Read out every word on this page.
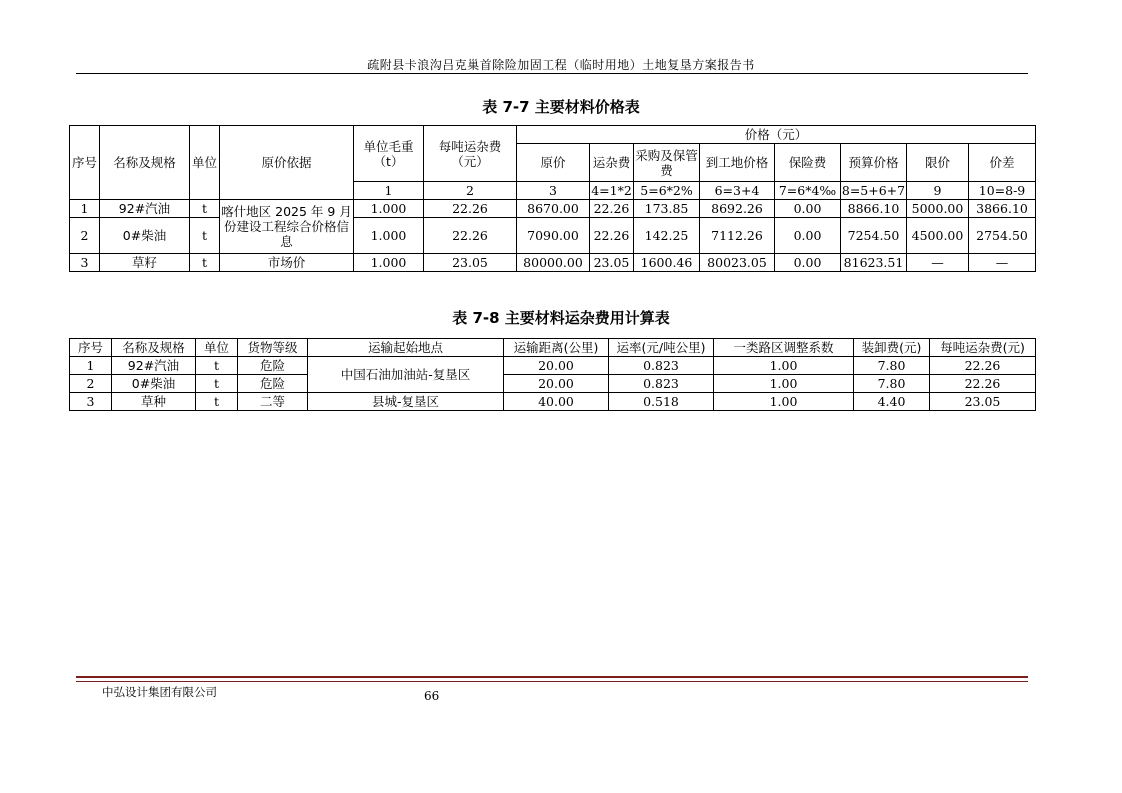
疏附县卡浪沟吕克巢首除险加固工程（临时用地）土地复垦方案报告书
表 7-7 主要材料价格表
序号	名称及规格	单位	原价依据	单位毛重（t）	每吨运杂费（元）	价格（元）							
						原价	运杂费	采购及保管费	到工地价格	保险费	预算价格	限价	价差
				1	2	3	4=1*2	5=6*2%	6=3+4	7=6*4‰	8=5+6+7	9	10=8-9
1	92#汽油	t	喀什地区 2025 年 9 月份建设工程综合价格信息	1.000	22.26	8670.00	22.26	173.85	8692.26	0.00	8866.10	5000.00	3866.10
2	0#柴油	t		1.000	22.26	7090.00	22.26	142.25	7112.26	0.00	7254.50	4500.00	2754.50
3	草籽	t	市场价	1.000	23.05	80000.00	23.05	1600.46	80023.05	0.00	81623.51	—	—
表 7-8 主要材料运杂费用计算表
序号	名称及规格	单位	货物等级	运输起始地点	运输距离(公里)	运率(元/吨公里)	一类路区调整系数	装卸费(元)	每吨运杂费(元)
1	92#汽油	t	危险	中国石油加油站-复垦区	20.00	0.823	1.00	7.80	22.26
2	0#柴油	t	危险		20.00	0.823	1.00	7.80	22.26
3	草种	t	二等	县城-复垦区	40.00	0.518	1.00	4.40	23.05
中弘设计集团有限公司	66
